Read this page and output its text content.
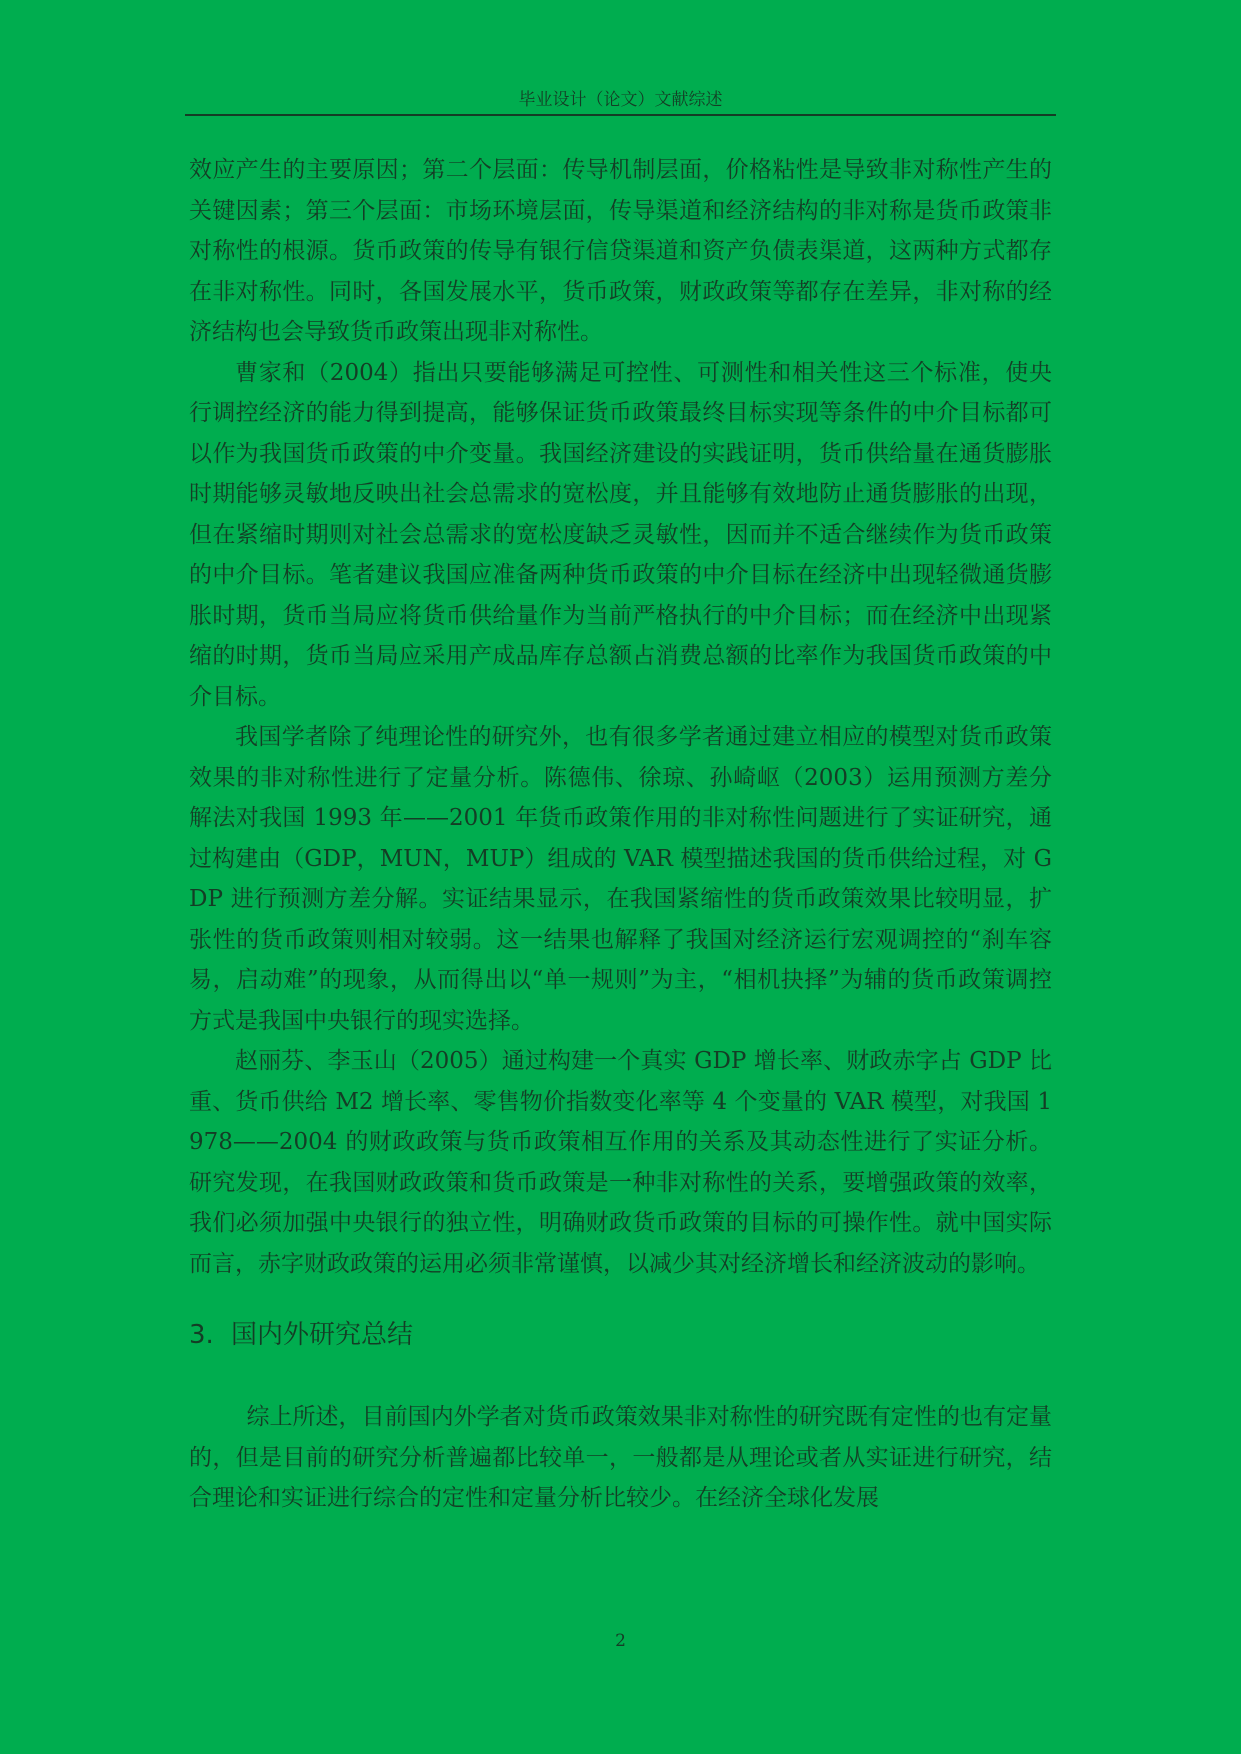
毕业设计（论文）文献综述

效应产生的主要原因；第二个层面：传导机制层面，价格粘性是导致非对称性产生的关键因素；第三个层面：市场环境层面，传导渠道和经济结构的非对称是货币政策非对称性的根源。货币政策的传导有银行信贷渠道和资产负债表渠道，这两种方式都存在非对称性。同时，各国发展水平，货币政策，财政政策等都存在差异，非对称的经济结构也会导致货币政策出现非对称性。

曹家和（2004）指出只要能够满足可控性、可测性和相关性这三个标准，使央行调控经济的能力得到提高，能够保证货币政策最终目标实现等条件的中介目标都可以作为我国货币政策的中介变量。我国经济建设的实践证明，货币供给量在通货膨胀时期能够灵敏地反映出社会总需求的宽松度，并且能够有效地防止通货膨胀的出现，但在紧缩时期则对社会总需求的宽松度缺乏灵敏性，因而并不适合继续作为货币政策的中介目标。笔者建议我国应准备两种货币政策的中介目标在经济中出现轻微通货膨胀时期，货币当局应将货币供给量作为当前严格执行的中介目标；而在经济中出现紧缩的时期，货币当局应采用产成品库存总额占消费总额的比率作为我国货币政策的中介目标。

我国学者除了纯理论性的研究外，也有很多学者通过建立相应的模型对货币政策效果的非对称性进行了定量分析。陈德伟、徐琼、孙崎岖（2003）运用预测方差分解法对我国 1993 年——2001 年货币政策作用的非对称性问题进行了实证研究，通过构建由（GDP，MUN，MUP）组成的 VAR 模型描述我国的货币供给过程，对 GDP 进行预测方差分解。实证结果显示，在我国紧缩性的货币政策效果比较明显，扩张性的货币政策则相对较弱。这一结果也解释了我国对经济运行宏观调控的“刹车容易，启动难”的现象，从而得出以“单一规则”为主，“相机抉择”为辅的货币政策调控方式是我国中央银行的现实选择。

赵丽芬、李玉山（2005）通过构建一个真实 GDP 增长率、财政赤字占 GDP 比重、货币供给 M2 增长率、零售物价指数变化率等 4 个变量的 VAR 模型，对我国 1978——2004 的财政政策与货币政策相互作用的关系及其动态性进行了实证分析。研究发现，在我国财政政策和货币政策是一种非对称性的关系，要增强政策的效率，我们必须加强中央银行的独立性，明确财政货币政策的目标的可操作性。就中国实际而言，赤字财政政策的运用必须非常谨慎，以减少其对经济增长和经济波动的影响。

3. 国内外研究总结

综上所述，目前国内外学者对货币政策效果非对称性的研究既有定性的也有定量的，但是目前的研究分析普遍都比较单一，一般都是从理论或者从实证进行研究，结合理论和实证进行综合的定性和定量分析比较少。在经济全球化发展

2
